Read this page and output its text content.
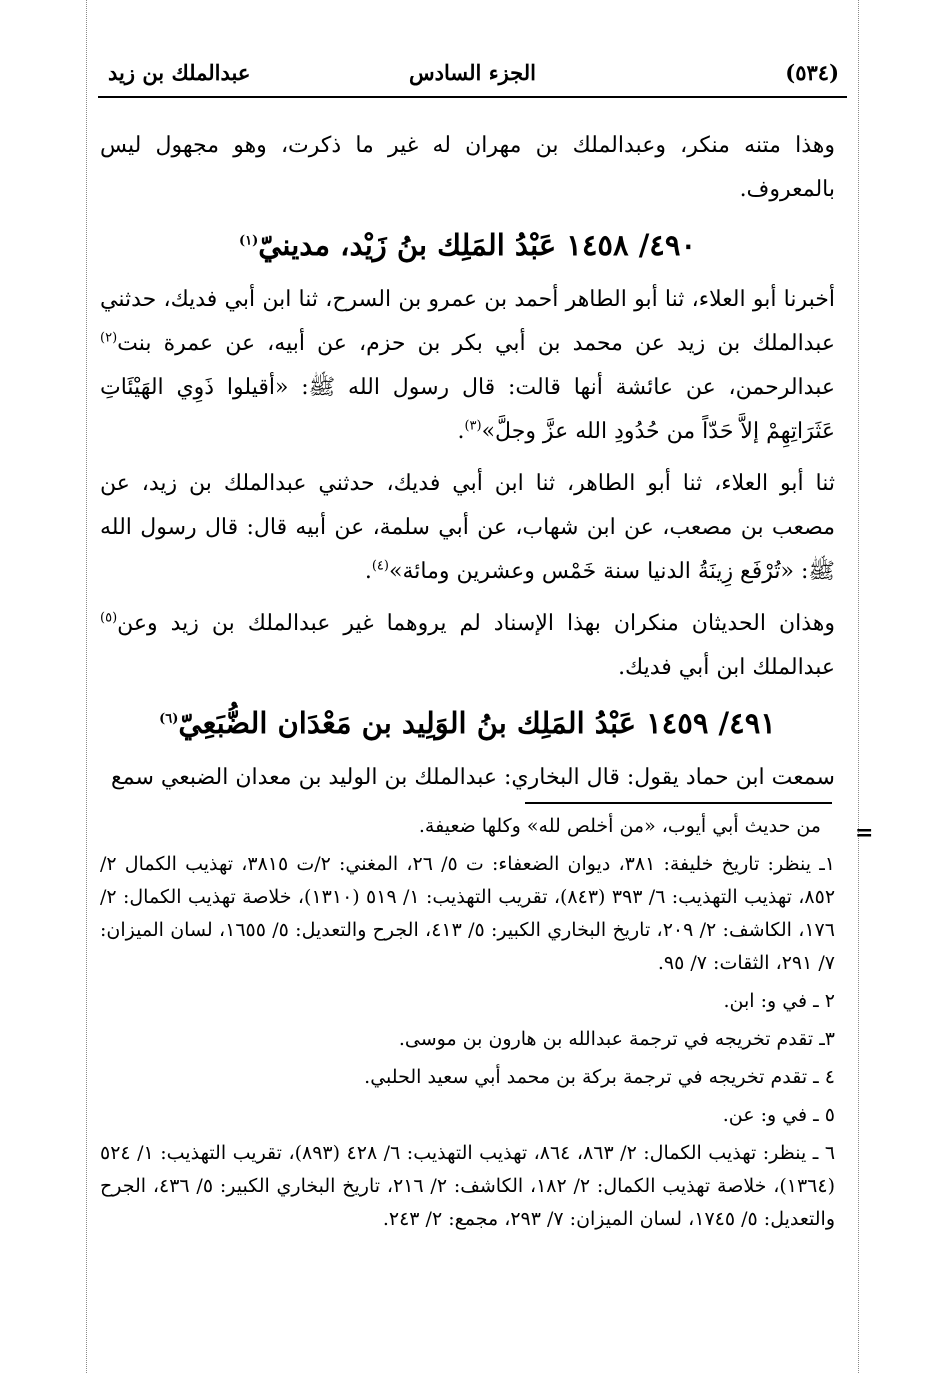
(٥٣٤)
الجزء السادس
عبدالملك بن زيد

وهذا متنه منكر، وعبدالملك بن مهران له غير ما ذكرت، وهو مجهول ليس بالمعروف.

٤٩٠/ ١٤٥٨ عَبْدُ المَلِك بنُ زَيْد، مدينيّ$^{(١)}$

أخبرنا أبو العلاء، ثنا أبو الطاهر أحمد بن عمرو بن السرح، ثنا ابن أبي فديك، حدثني عبدالملك بن زيد عن محمد بن أبي بكر بن حزم، عن أبيه، عن عمرة بنت$^{(٢)}$ عبدالرحمن، عن عائشة أنها قالت: قال رسول الله ﷺ: «أقيلوا ذَوِي الهَيْئَاتِ عَثَرَاتِهِمْ إلاَّ حَدّاً من حُدُودِ الله عزَّ وجلَّ»$^{(٣)}$.

ثنا أبو العلاء، ثنا أبو الطاهر، ثنا ابن أبي فديك، حدثني عبدالملك بن زيد، عن مصعب بن مصعب، عن ابن شهاب، عن أبي سلمة، عن أبيه قال: قال رسول الله ﷺ: «تُرْفَع زِينَةُ الدنيا سنة خَمْس وعشرين ومائة»$^{(٤)}$.

وهذان الحديثان منكران بهذا الإسناد لم يروهما غير عبدالملك بن زيد وعن$^{(٥)}$ عبدالملك ابن أبي فديك.

٤٩١/ ١٤٥٩ عَبْدُ المَلِك بنُ الوَلِيد بن مَعْدَان الضُّبَعِيّ$^{(٦)}$

سمعت ابن حماد يقول: قال البخاري: عبدالملك بن الوليد بن معدان الضبعي سمع

=
من حديث أبي أيوب، «من أخلص لله» وكلها ضعيفة.
١ـ ينظر: تاريخ خليفة: ٣٨١، ديوان الضعفاء: ت ٥/ ٢٦، المغني: ٢/ت ٣٨١٥، تهذيب الكمال ٢/ ٨٥٢، تهذيب التهذيب: ٦/ ٣٩٣ (٨٤٣)، تقريب التهذيب: ١/ ٥١٩ (١٣١٠)، خلاصة تهذيب الكمال: ٢/ ١٧٦، الكاشف: ٢/ ٢٠٩، تاريخ البخاري الكبير: ٥/ ٤١٣، الجرح والتعديل: ٥/ ١٦٥٥، لسان الميزان: ٧/ ٢٩١، الثقات: ٧/ ٩٥.
٢ ـ في و: ابن.
٣ـ تقدم تخريجه في ترجمة عبدالله بن هارون بن موسى.
٤ ـ تقدم تخريجه في ترجمة بركة بن محمد أبي سعيد الحلبي.
٥ ـ في و: عن.
٦ ـ ينظر: تهذيب الكمال: ٢/ ٨٦٣، ٨٦٤، تهذيب التهذيب: ٦/ ٤٢٨ (٨٩٣)، تقريب التهذيب: ١/ ٥٢٤ (١٣٦٤)، خلاصة تهذيب الكمال: ٢/ ١٨٢، الكاشف: ٢/ ٢١٦، تاريخ البخاري الكبير: ٥/ ٤٣٦، الجرح والتعديل: ٥/ ١٧٤٥، لسان الميزان: ٧/ ٢٩٣، مجمع: ٢/ ٢٤٣.
